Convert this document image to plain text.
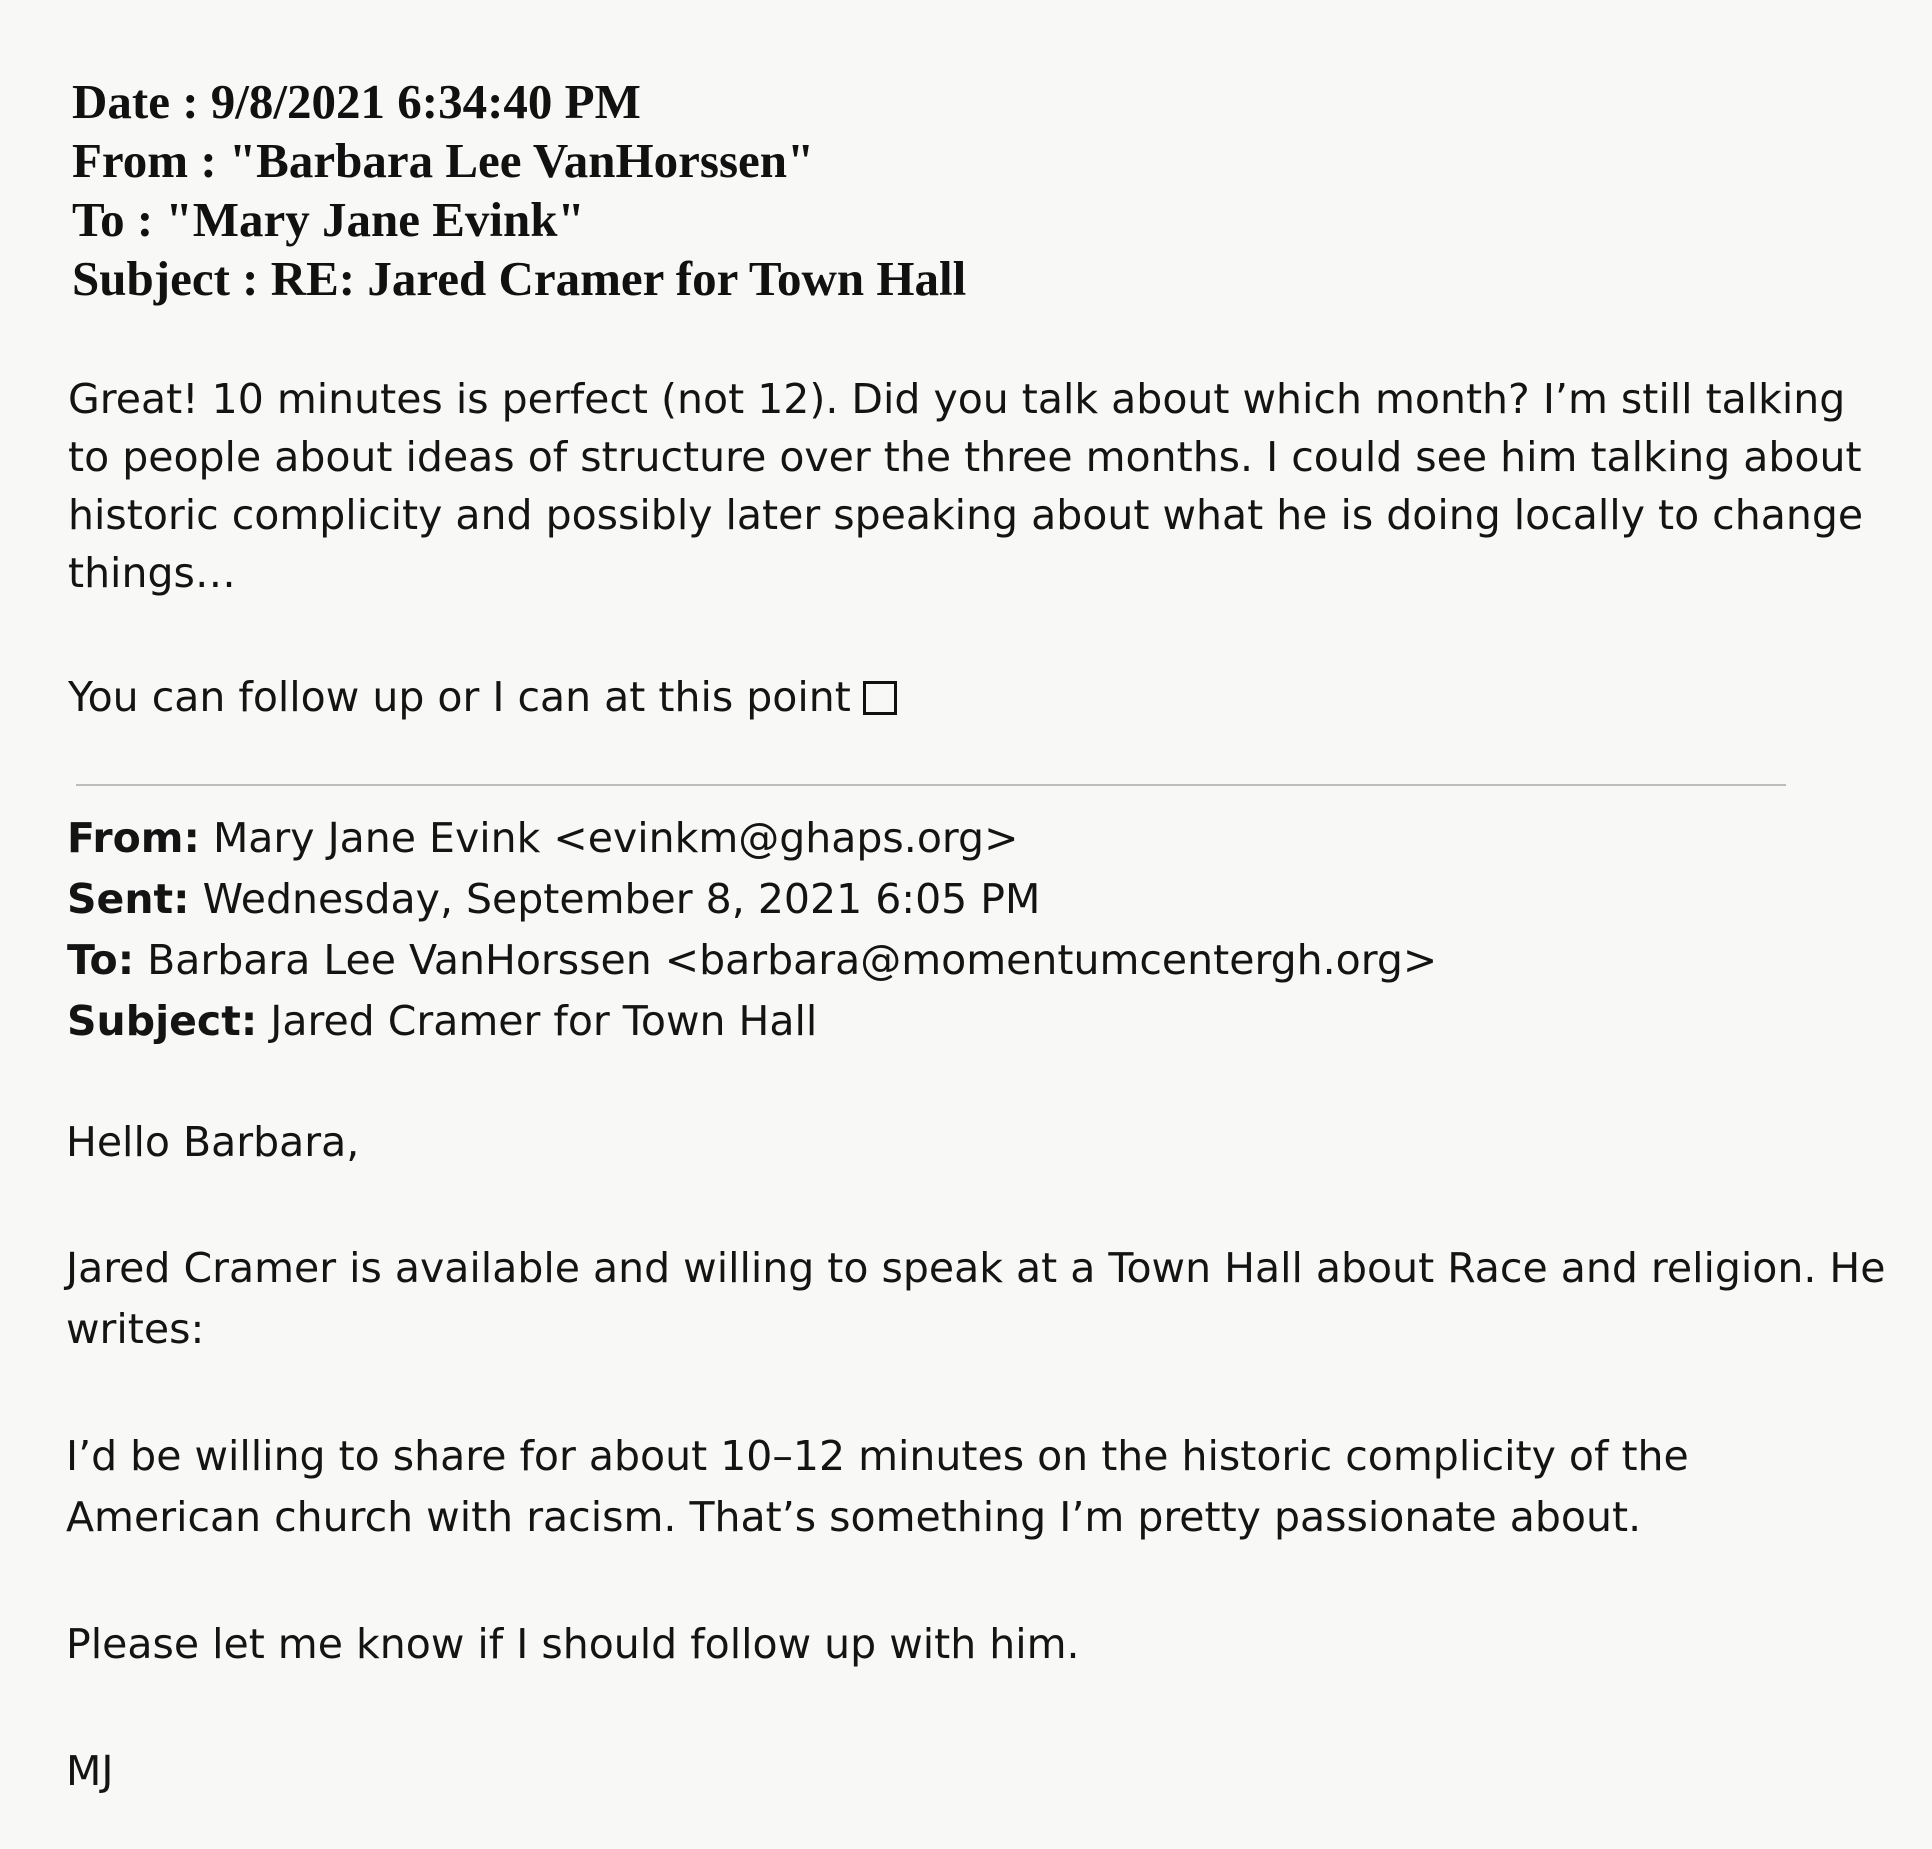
Date : 9/8/2021 6:34:40 PM
From : "Barbara Lee VanHorssen"
To : "Mary Jane Evink"
Subject : RE: Jared Cramer for Town Hall

Great! 10 minutes is perfect (not 12). Did you talk about which month? I’m still talking to people about ideas of structure over the three months. I could see him talking about historic complicity and possibly later speaking about what he is doing locally to change things…

You can follow up or I can at this point
From: Mary Jane Evink <evinkm@ghaps.org>
Sent: Wednesday, September 8, 2021 6:05 PM
To: Barbara Lee VanHorssen <barbara@momentumcentergh.org>
Subject: Jared Cramer for Town Hall

Hello Barbara,

Jared Cramer is available and willing to speak at a Town Hall about Race and religion. He writes:

I’d be willing to share for about 10–12 minutes on the historic complicity of the American church with racism. That’s something I’m pretty passionate about.

Please let me know if I should follow up with him.

MJ
